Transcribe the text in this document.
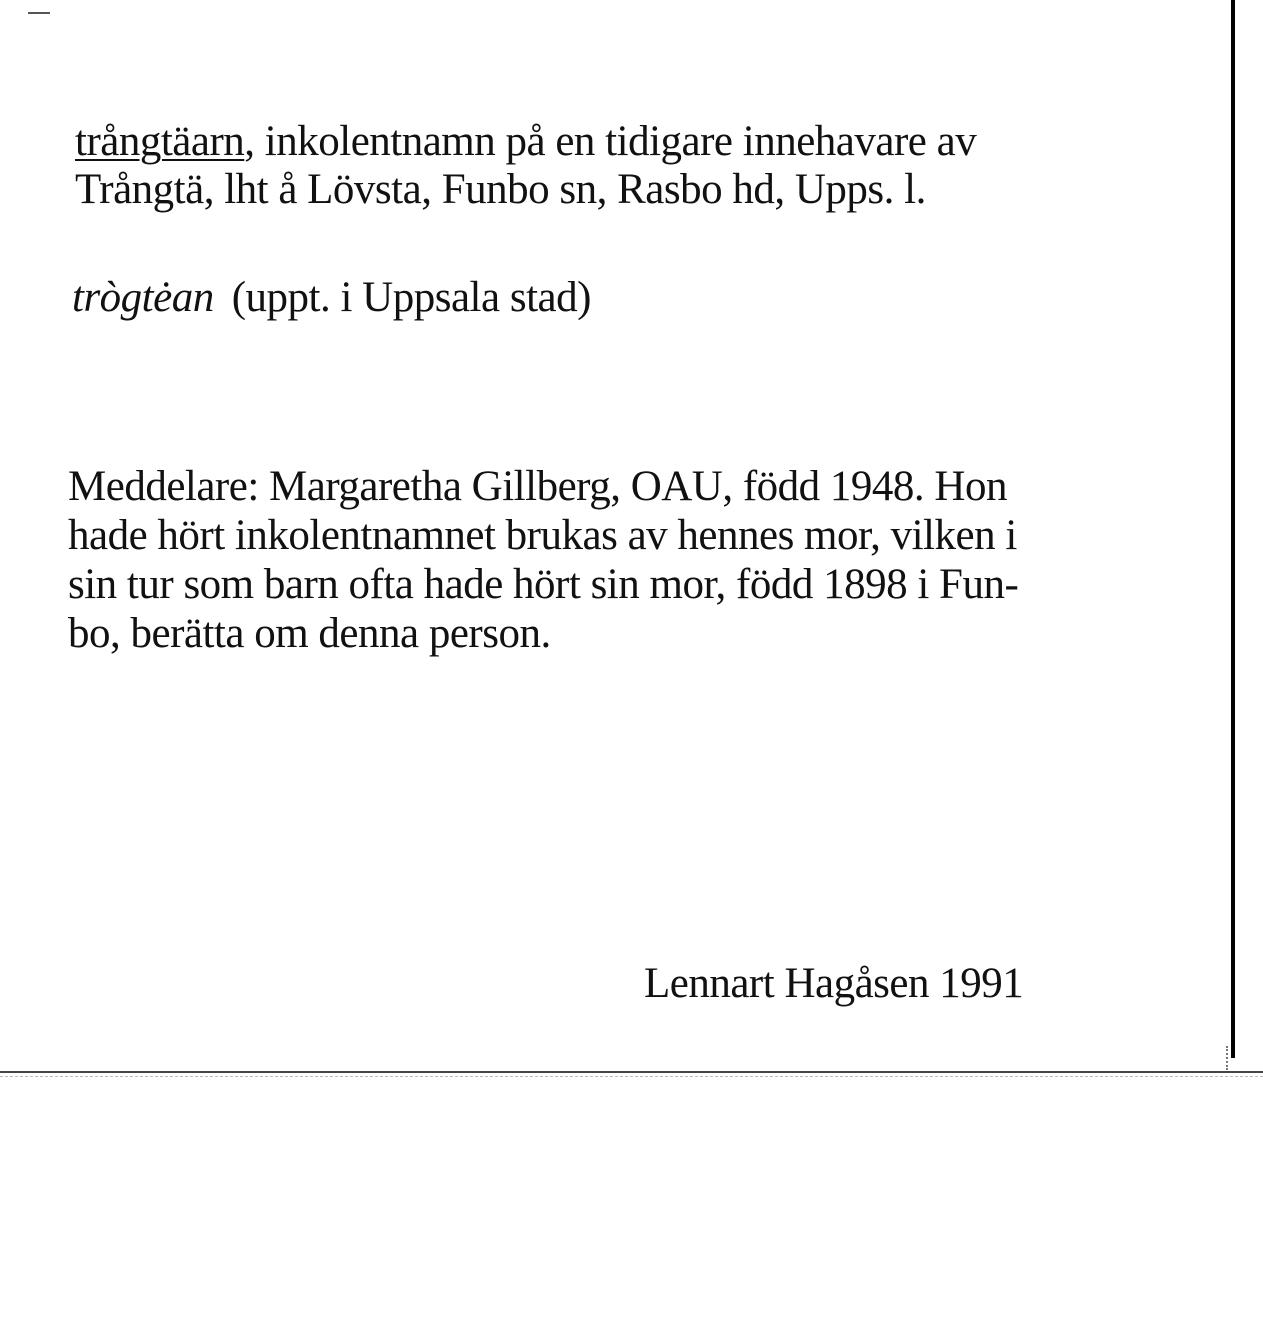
trångtäarn, inkolentnamn på en tidigare innehavare av
Trångtä, lht å Lövsta, Funbo sn, Rasbo hd, Upps. l.
trògtėan (uppt. i Uppsala stad)
Meddelare: Margaretha Gillberg, OAU, född 1948. Hon
hade hört inkolentnamnet brukas av hennes mor, vilken i
sin tur som barn ofta hade hört sin mor, född 1898 i Fun-
bo, berätta om denna person.
Lennart Hagåsen 1991
